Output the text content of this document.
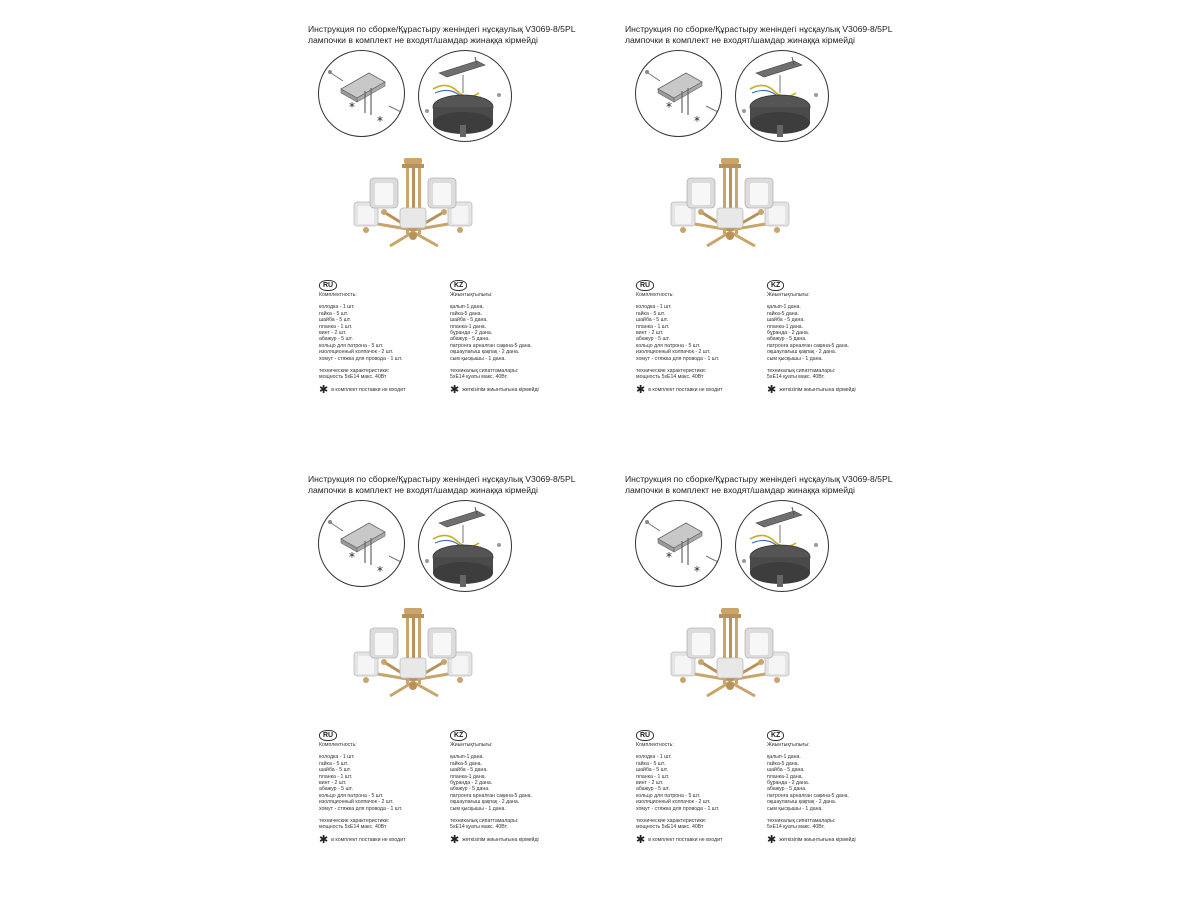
Инструкция по сборке/Құрастыру женіндегі нұсқаулық V3069-8/5PL
лампочки в комплект не входят/шамдар жинаққа кірмейді
*
*
RU
Комплектность:
колодка - 1 шт.
гайка - 5 шт.
шайба - 5 шт.
планка - 1 шт.
винт - 2 шт.
абажур - 5 шт.
кольцо для патрона - 5 шт.
изоляционный колпачок - 2 шт.
хомут - стяжка для провода - 1 шт.
технические характеристики:
мощность 5хЕ14 макс. 40Вт
✱ в комплект поставки не входит
KZ
Жиынтықтылығы:
қалып-1 дана.
гайка-5 дана.
шайба - 5 дана.
планка-1 дана.
бұранда - 2 дана.
абажур - 5 дана.
патронға арналған сақина-5 дана.
оқшаулағыш қақпақ - 2 дана.
сым қысқышы - 1 дана.
техникалық сипаттамалары:
5хЕ14 қуаты макс. 40Вт.
✱ жеткізілім жиынтығына кірмейді
Инструкция по сборке/Құрастыру женіндегі нұсқаулық V3069-8/5PL
лампочки в комплект не входят/шамдар жинаққа кірмейді
*
*
RU
Комплектность:
колодка - 1 шт.
гайка - 5 шт.
шайба - 5 шт.
планка - 1 шт.
винт - 2 шт.
абажур - 5 шт.
кольцо для патрона - 5 шт.
изоляционный колпачок - 2 шт.
хомут - стяжка для провода - 1 шт.
технические характеристики:
мощность 5хЕ14 макс. 40Вт
✱ в комплект поставки не входит
KZ
Жиынтықтылығы:
қалып-1 дана.
гайка-5 дана.
шайба - 5 дана.
планка-1 дана.
бұранда - 2 дана.
абажур - 5 дана.
патронға арналған сақина-5 дана.
оқшаулағыш қақпақ - 2 дана.
сым қысқышы - 1 дана.
техникалық сипаттамалары:
5хЕ14 қуаты макс. 40Вт.
✱ жеткізілім жиынтығына кірмейді
Инструкция по сборке/Құрастыру женіндегі нұсқаулық V3069-8/5PL
лампочки в комплект не входят/шамдар жинаққа кірмейді
*
*
RU
Комплектность:
колодка - 1 шт.
гайка - 5 шт.
шайба - 5 шт.
планка - 1 шт.
винт - 2 шт.
абажур - 5 шт.
кольцо для патрона - 5 шт.
изоляционный колпачок - 2 шт.
хомут - стяжка для провода - 1 шт.
технические характеристики:
мощность 5хЕ14 макс. 40Вт
✱ в комплект поставки не входит
KZ
Жиынтықтылығы:
қалып-1 дана.
гайка-5 дана.
шайба - 5 дана.
планка-1 дана.
бұранда - 2 дана.
абажур - 5 дана.
патронға арналған сақина-5 дана.
оқшаулағыш қақпақ - 2 дана.
сым қысқышы - 1 дана.
техникалық сипаттамалары:
5хЕ14 қуаты макс. 40Вт.
✱ жеткізілім жиынтығына кірмейді
Инструкция по сборке/Құрастыру женіндегі нұсқаулық V3069-8/5PL
лампочки в комплект не входят/шамдар жинаққа кірмейді
*
*
RU
Комплектность:
колодка - 1 шт.
гайка - 5 шт.
шайба - 5 шт.
планка - 1 шт.
винт - 2 шт.
абажур - 5 шт.
кольцо для патрона - 5 шт.
изоляционный колпачок - 2 шт.
хомут - стяжка для провода - 1 шт.
технические характеристики:
мощность 5хЕ14 макс. 40Вт
✱ в комплект поставки не входит
KZ
Жиынтықтылығы:
қалып-1 дана.
гайка-5 дана.
шайба - 5 дана.
планка-1 дана.
бұранда - 2 дана.
абажур - 5 дана.
патронға арналған сақина-5 дана.
оқшаулағыш қақпақ - 2 дана.
сым қысқышы - 1 дана.
техникалық сипаттамалары:
5хЕ14 қуаты макс. 40Вт.
✱ жеткізілім жиынтығына кірмейді
